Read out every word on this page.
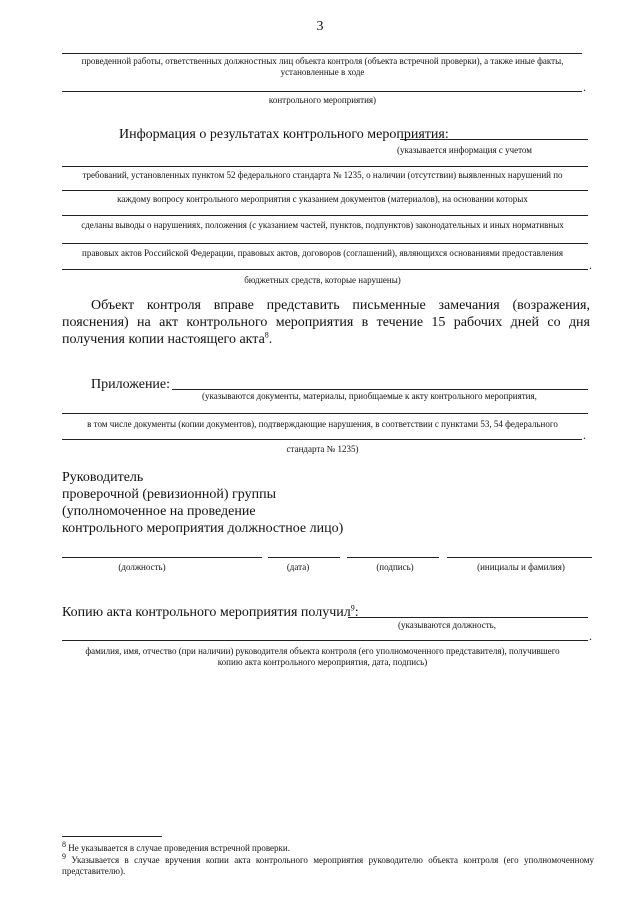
3
проведенной работы, ответственных должностных лиц объекта контроля (объекта встречной проверки), а также иные факты,
установленные в ходе
.
контрольного мероприятия)
Информация о результатах контрольного мероприятия:
(указывается информация с учетом
требований, установленных пунктом 52 федерального стандарта № 1235, о наличии (отсутствии) выявленных нарушений по
каждому вопросу контрольного мероприятия с указанием документов (материалов), на основании которых
сделаны выводы о нарушениях, положения (с указанием частей, пунктов, подпунктов) законодательных и иных нормативных
правовых актов Российской Федерации, правовых актов, договоров (соглашений), являющихся основаниями предоставления
.
бюджетных средств, которые нарушены)
Объект контроля вправе представить письменные замечания (возражения, пояснения) на акт контрольного мероприятия в течение 15 рабочих дней со дня получения копии настоящего акта$^8$.
Приложение:
(указываются документы, материалы, приобщаемые к акту контрольного мероприятия,
в том числе документы (копии документов), подтверждающие нарушения, в соответствии с пунктами 53, 54 федерального
.
стандарта № 1235)
Руководитель
проверочной (ревизионной) группы
(уполномоченное на проведение
контрольного мероприятия должностное лицо)
(должность)	(дата)	(подпись)	(инициалы и фамилия)
Копию акта контрольного мероприятия получил$^9$:
(указываются должность,
.
фамилия, имя, отчество (при наличии) руководителя объекта контроля (его уполномоченного представителя), получившего
копию акта контрольного мероприятия, дата, подпись)
8 Не указывается в случае проведения встречной проверки.
9 Указывается в случае вручения копии акта контрольного мероприятия руководителю объекта контроля (его уполномоченному представителю).
